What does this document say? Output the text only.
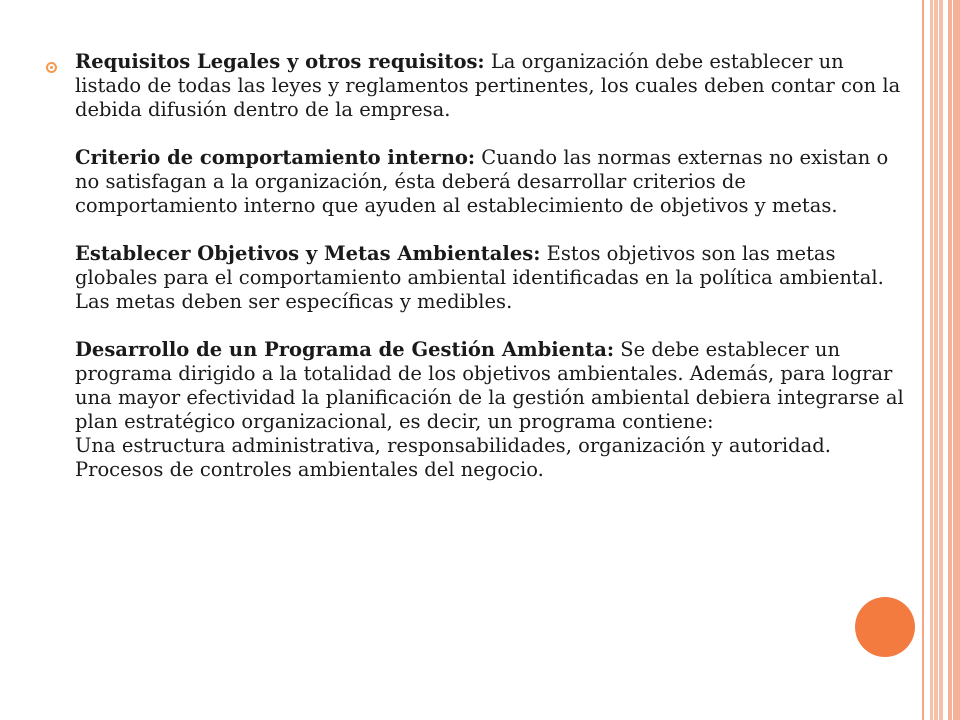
Requisitos Legales y otros requisitos: La organización debe establecer un listado de todas las leyes y reglamentos pertinentes, los cuales deben contar con la debida difusión dentro de la empresa.
Criterio de comportamiento interno: Cuando las normas externas no existan o no satisfagan a la organización, ésta deberá desarrollar criterios de comportamiento interno que ayuden al establecimiento de objetivos y metas.
Establecer Objetivos y Metas Ambientales: Estos objetivos son las metas globales para el comportamiento ambiental identificadas en la política ambiental. Las metas deben ser específicas y medibles.
Desarrollo de un Programa de Gestión Ambienta: Se debe establecer un programa dirigido a la totalidad de los objetivos ambientales. Además, para lograr una mayor efectividad la planificación de la gestión ambiental debiera integrarse al plan estratégico organizacional, es decir, un programa contiene:
Una estructura administrativa, responsabilidades, organización y autoridad.
Procesos de controles ambientales del negocio.
